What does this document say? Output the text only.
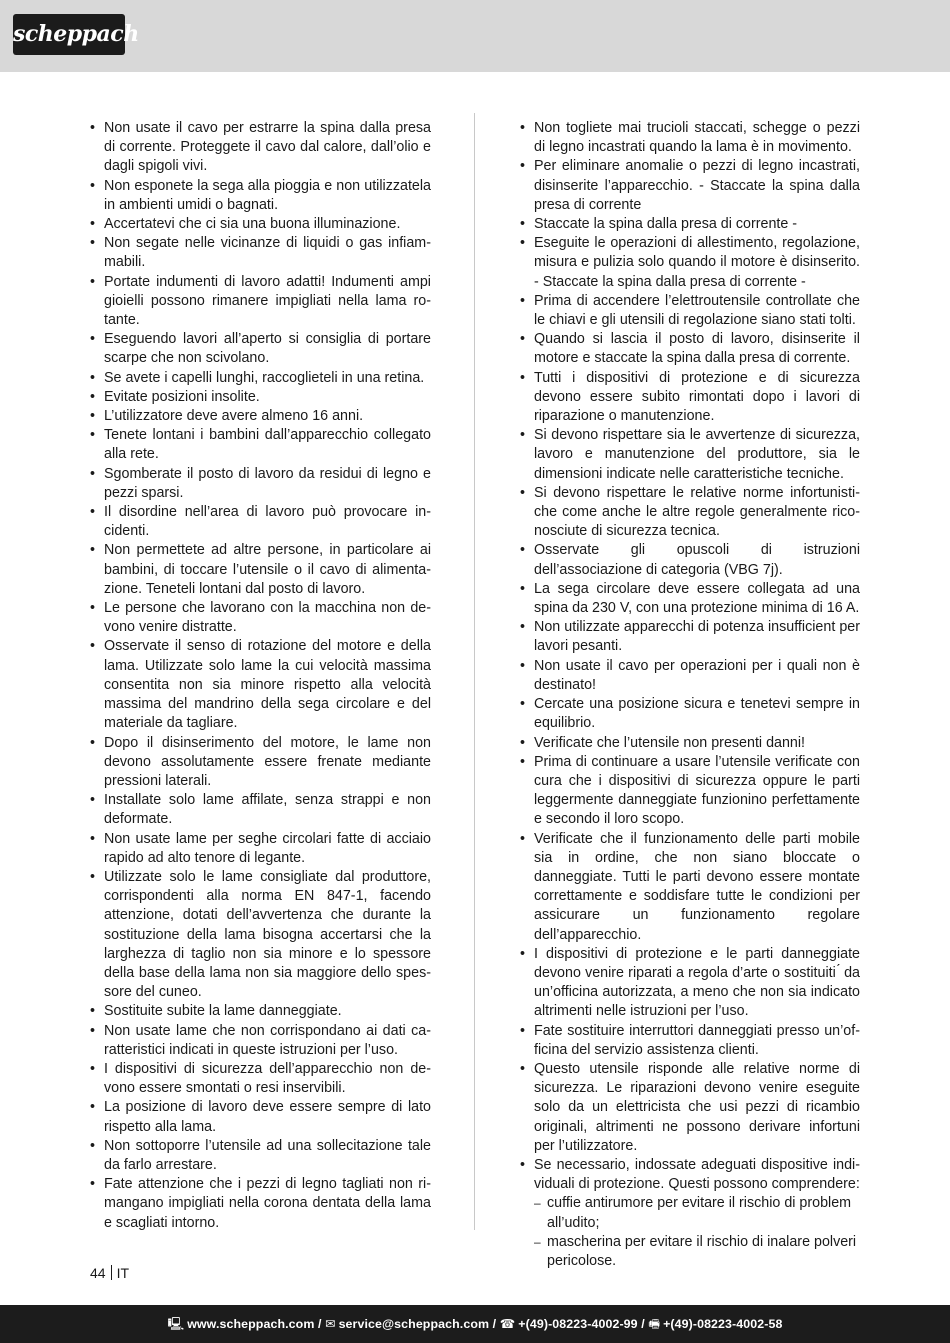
scheppach
• Non usate il cavo per estrarre la spina dalla presa di corrente. Proteggete il cavo dal calore, dall’olio e dagli spigoli vivi.
• Non esponete la sega alla pioggia e non utilizzatela in ambienti umidi o bagnati.
• Accertatevi che ci sia una buona illuminazione.
• Non segate nelle vicinanze di liquidi o gas infiammabili.
• Portate indumenti di lavoro adatti! Indumenti ampi gioielli possono rimanere impigliati nella lama rotante.
• Eseguendo lavori all’aperto si consiglia di portare scarpe che non scivolano.
• Se avete i capelli lunghi, raccoglieteli in una retina.
• Evitate posizioni insolite.
• L’utilizzatore deve avere almeno 16 anni.
• Tenete lontani i bambini dall’apparecchio collegato alla rete.
• Sgomberate il posto di lavoro da residui di legno e pezzi sparsi.
• Il disordine nell’area di lavoro può provocare incidenti.
• Non permettete ad altre persone, in particolare ai bambini, di toccare l’utensile o il cavo di alimentazione. Teneteli lontani dal posto di lavoro.
• Le persone che lavorano con la macchina non devono venire distratte.
• Osservate il senso di rotazione del motore e della lama. Utilizzate solo lame la cui velocità massima consentita non sia minore rispetto alla velocità massima del mandrino della sega circolare e del materiale da tagliare.
• Dopo il disinserimento del motore, le lame non devono assolutamente essere frenate mediante pressioni laterali.
• Installate solo lame affilate, senza strappi e non deformate.
• Non usate lame per seghe circolari fatte di acciaio rapido ad alto tenore di legante.
• Utilizzate solo le lame consigliate dal produttore, corrispondenti alla norma EN 847-1, facendo attenzione, dotati dell’avvertenza che durante la sostituzione della lama bisogna accertarsi che la larghezza di taglio non sia minore e lo spessore della base della lama non sia maggiore dello spessore del cuneo.
• Sostituite subite la lame danneggiate.
• Non usate lame che non corrispondano ai dati caratteristici indicati in queste istruzioni per l’uso.
• I dispositivi di sicurezza dell’apparecchio non devono essere smontati o resi inservibili.
• La posizione di lavoro deve essere sempre di lato rispetto alla lama.
• Non sottoporre l’utensile ad una sollecitazione tale da farlo arrestare.
• Fate attenzione che i pezzi di legno tagliati non rimangano impigliati nella corona dentata della lama e scagliati intorno.
• Non togliete mai trucioli staccati, schegge o pezzi di legno incastrati quando la lama è in movimento.
• Per eliminare anomalie o pezzi di legno incastrati, disinserite l’apparecchio. - Staccate la spina dalla presa di corrente
• Staccate la spina dalla presa di corrente -
• Eseguite le operazioni di allestimento, regolazione, misura e pulizia solo quando il motore è disinserito. - Staccate la spina dalla presa di corrente -
• Prima di accendere l’elettroutensile controllate che le chiavi e gli utensili di regolazione siano stati tolti.
• Quando si lascia il posto di lavoro, disinserite il motore e staccate la spina dalla presa di corrente.
• Tutti i dispositivi di protezione e di sicurezza devono essere subito rimontati dopo i lavori di riparazione o manutenzione.
• Si devono rispettare sia le avvertenze di sicurezza, lavoro e manutenzione del produttore, sia le dimensioni indicate nelle caratteristiche tecniche.
• Si devono rispettare le relative norme infortunistiche come anche le altre regole generalmente riconosciute di sicurezza tecnica.
• Osservate gli opuscoli di istruzioni dell’associazione di categoria (VBG 7j).
• La sega circolare deve essere collegata ad una spina da 230 V, con una protezione minima di 16 A.
• Non utilizzate apparecchi di potenza insufficient per lavori pesanti.
• Non usate il cavo per operazioni per i quali non è destinato!
• Cercate una posizione sicura e tenetevi sempre in equilibrio.
• Verificate che l’utensile non presenti danni!
• Prima di continuare a usare l’utensile verificate con cura che i dispositivi di sicurezza oppure le parti leggermente danneggiate funzionino perfettamente e secondo il loro scopo.
• Verificate che il funzionamento delle parti mobile sia in ordine, che non siano bloccate o danneggiate. Tutti le parti devono essere montate correttamente e soddisfare tutte le condizioni per assicurare un funzionamento regolare dell’apparecchio.
• I dispositivi di protezione e le parti danneggiate devono venire riparati a regola d’arte o sostituiti ́ da un’officina autorizzata, a meno che non sia indicato altrimenti nelle istruzioni per l’uso.
• Fate sostituire interruttori danneggiati presso un’officina del servizio assistenza clienti.
• Questo utensile risponde alle relative norme di sicurezza. Le riparazioni devono venire eseguite solo da un elettricista che usi pezzi di ricambio originali, altrimenti ne possono derivare infortuni per l’utilizzatore.
• Se necessario, indossate adeguati dispositive individuali di protezione. Questi possono comprendere:
– cuffie antirumore per evitare il rischio di problem all’udito;
– mascherina per evitare il rischio di inalare polveri pericolose.
44 IT
🖳 www.scheppach.com / ✉ service@scheppach.com / ☎ +(49)-08223-4002-99 / 🖷 +(49)-08223-4002-58
